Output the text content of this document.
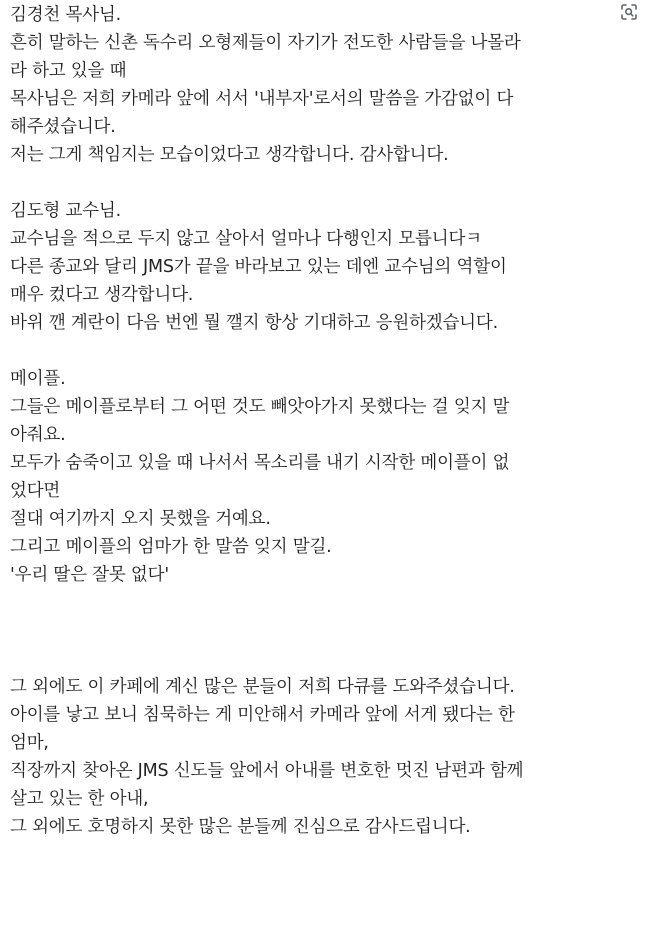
김경천 목사님.
흔히 말하는 신촌 독수리 오형제들이 자기가 전도한 사람들을 나몰라
라 하고 있을 때
목사님은 저희 카메라 앞에 서서 '내부자'로서의 말씀을 가감없이 다
해주셨습니다.
저는 그게 책임지는 모습이었다고 생각합니다. 감사합니다.
김도형 교수님.
교수님을 적으로 두지 않고 살아서 얼마나 다행인지 모릅니다ㅋ
다른 종교와 달리 JMS가 끝을 바라보고 있는 데엔 교수님의 역할이
매우 컸다고 생각합니다.
바위 깬 계란이 다음 번엔 뭘 깰지 항상 기대하고 응원하겠습니다.
메이플.
그들은 메이플로부터 그 어떤 것도 빼앗아가지 못했다는 걸 잊지 말
아줘요.
모두가 숨죽이고 있을 때 나서서 목소리를 내기 시작한 메이플이 없
었다면
절대 여기까지 오지 못했을 거예요.
그리고 메이플의 엄마가 한 말씀 잊지 말길.
'우리 딸은 잘못 없다'
그 외에도 이 카페에 계신 많은 분들이 저희 다큐를 도와주셨습니다.
아이를 낳고 보니 침묵하는 게 미안해서 카메라 앞에 서게 됐다는 한
엄마,
직장까지 찾아온 JMS 신도들 앞에서 아내를 변호한 멋진 남편과 함께
살고 있는 한 아내,
그 외에도 호명하지 못한 많은 분들께 진심으로 감사드립니다.
